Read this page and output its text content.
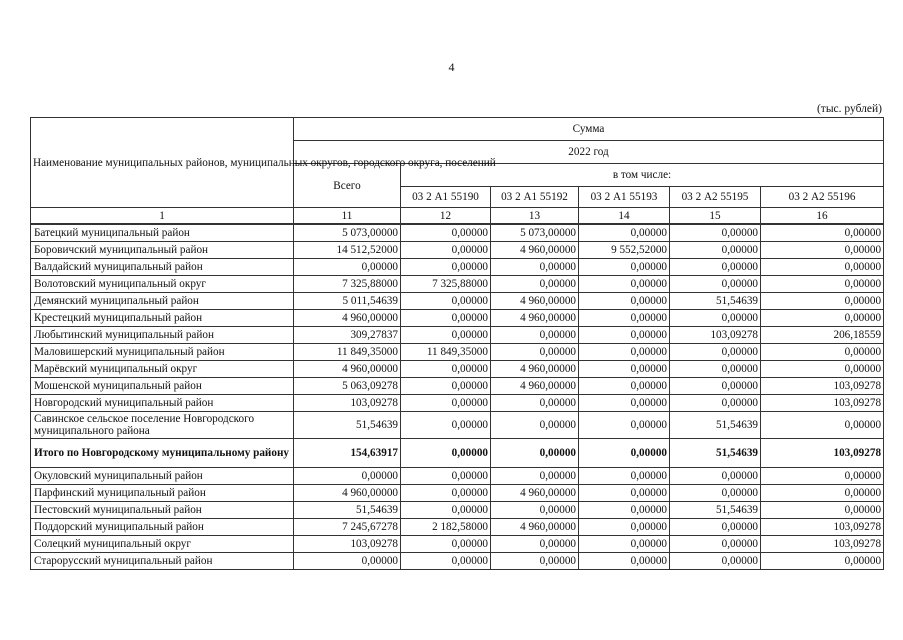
4
(тыс. рублей)
Наименование муниципальных районов, муниципальных округов, городского округа, поселений	Сумма					
	2022 год					
	Всего	в том числе:				
		03 2 А1 55190	03 2 А1 55192	03 2 А1 55193	03 2 А2 55195	03 2 А2 55196
1	11	12	13	14	15	16
Батецкий муниципальный район	5 073,00000	0,00000	5 073,00000	0,00000	0,00000	0,00000
Боровичский муниципальный район	14 512,52000	0,00000	4 960,00000	9 552,52000	0,00000	0,00000
Валдайский муниципальный район	0,00000	0,00000	0,00000	0,00000	0,00000	0,00000
Волотовский муниципальный округ	7 325,88000	7 325,88000	0,00000	0,00000	0,00000	0,00000
Демянский муниципальный район	5 011,54639	0,00000	4 960,00000	0,00000	51,54639	0,00000
Крестецкий муниципальный район	4 960,00000	0,00000	4 960,00000	0,00000	0,00000	0,00000
Любытинский муниципальный район	309,27837	0,00000	0,00000	0,00000	103,09278	206,18559
Маловишерский муниципальный район	11 849,35000	11 849,35000	0,00000	0,00000	0,00000	0,00000
Марёвский муниципальный округ	4 960,00000	0,00000	4 960,00000	0,00000	0,00000	0,00000
Мошенской муниципальный район	5 063,09278	0,00000	4 960,00000	0,00000	0,00000	103,09278
Новгородский муниципальный район	103,09278	0,00000	0,00000	0,00000	0,00000	103,09278
Савинское сельское поселение Новгородского муниципального района	51,54639	0,00000	0,00000	0,00000	51,54639	0,00000
Итого по Новгородскому муниципальному району	154,63917	0,00000	0,00000	0,00000	51,54639	103,09278
Окуловский муниципальный район	0,00000	0,00000	0,00000	0,00000	0,00000	0,00000
Парфинский муниципальный район	4 960,00000	0,00000	4 960,00000	0,00000	0,00000	0,00000
Пестовский муниципальный район	51,54639	0,00000	0,00000	0,00000	51,54639	0,00000
Поддорский муниципальный район	7 245,67278	2 182,58000	4 960,00000	0,00000	0,00000	103,09278
Солецкий муниципальный округ	103,09278	0,00000	0,00000	0,00000	0,00000	103,09278
Старорусский муниципальный район	0,00000	0,00000	0,00000	0,00000	0,00000	0,00000
